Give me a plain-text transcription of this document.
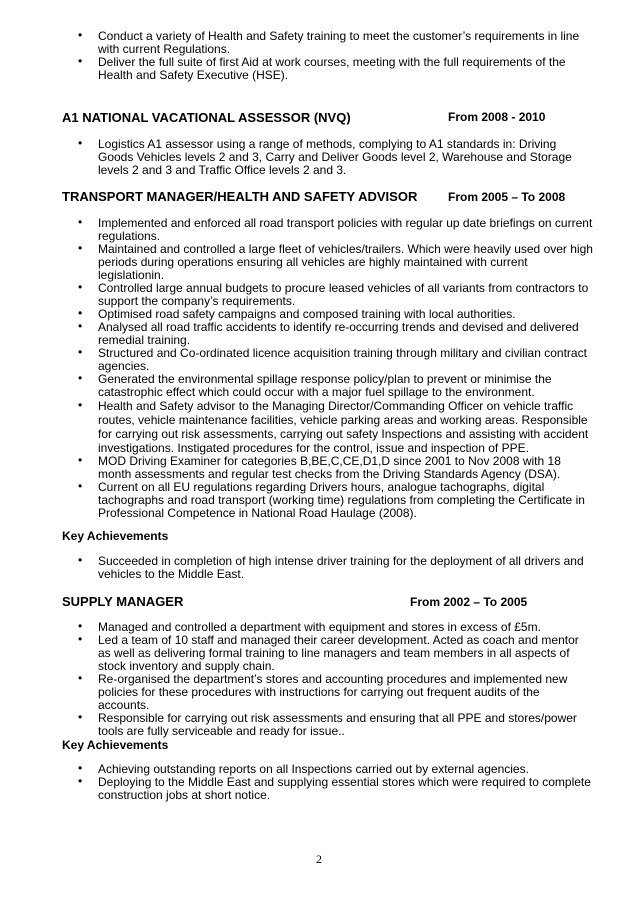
• Conduct a variety of Health and Safety training to meet the customer’s requirements in line with current Regulations.
• Deliver the full suite of first Aid at work courses, meeting with the full requirements of the Health and Safety Executive (HSE).
A1 NATIONAL VACATIONAL ASSESSOR (NVQ)	From 2008 - 2010
• Logistics A1 assessor using a range of methods, complying to A1 standards in: Driving Goods Vehicles levels 2 and 3, Carry and Deliver Goods level 2, Warehouse and Storage levels 2 and 3 and Traffic Office levels 2 and 3.
TRANSPORT MANAGER/HEALTH AND SAFETY ADVISOR	From 2005 – To 2008
• Implemented and enforced all road transport policies with regular up date briefings on current regulations.
• Maintained and controlled a large fleet of vehicles/trailers. Which were heavily used over high periods during operations ensuring all vehicles are highly maintained with current legislationin.
• Controlled large annual budgets to procure leased vehicles of all variants from contractors to support the company’s requirements.
• Optimised road safety campaigns and composed training with local authorities.
• Analysed all road traffic accidents to identify re-occurring trends and devised and delivered remedial training.
• Structured and Co-ordinated licence acquisition training through military and civilian contract agencies.
• Generated the environmental spillage response policy/plan to prevent or minimise the catastrophic effect which could occur with a major fuel spillage to the environment.
• Health and Safety advisor to the Managing Director/Commanding Officer on vehicle traffic routes, vehicle maintenance facilities, vehicle parking areas and working areas. Responsible for carrying out risk assessments, carrying out safety Inspections and assisting with accident investigations. Instigated procedures for the control, issue and inspection of PPE.
• MOD Driving Examiner for categories B,BE,C,CE,D1,D since 2001 to Nov 2008 with 18 month assessments and regular test checks from the Driving Standards Agency (DSA).
• Current on all EU regulations regarding Drivers hours, analogue tachographs, digital tachographs and road transport (working time) regulations from completing the Certificate in Professional Competence in National Road Haulage (2008).
Key Achievements
• Succeeded in completion of high intense driver training for the deployment of all drivers and vehicles to the Middle East.
SUPPLY MANAGER	From 2002 – To 2005
• Managed and controlled a department with equipment and stores in excess of £5m.
• Led a team of 10 staff and managed their career development. Acted as coach and mentor as well as delivering formal training to line managers and team members in all aspects of stock inventory and supply chain.
• Re-organised the department’s stores and accounting procedures and implemented new policies for these procedures with instructions for carrying out frequent audits of the accounts.
• Responsible for carrying out risk assessments and ensuring that all PPE and stores/power tools are fully serviceable and ready for issue..
Key Achievements
• Achieving outstanding reports on all Inspections carried out by external agencies.
• Deploying to the Middle East and supplying essential stores which were required to complete construction jobs at short notice.
2
